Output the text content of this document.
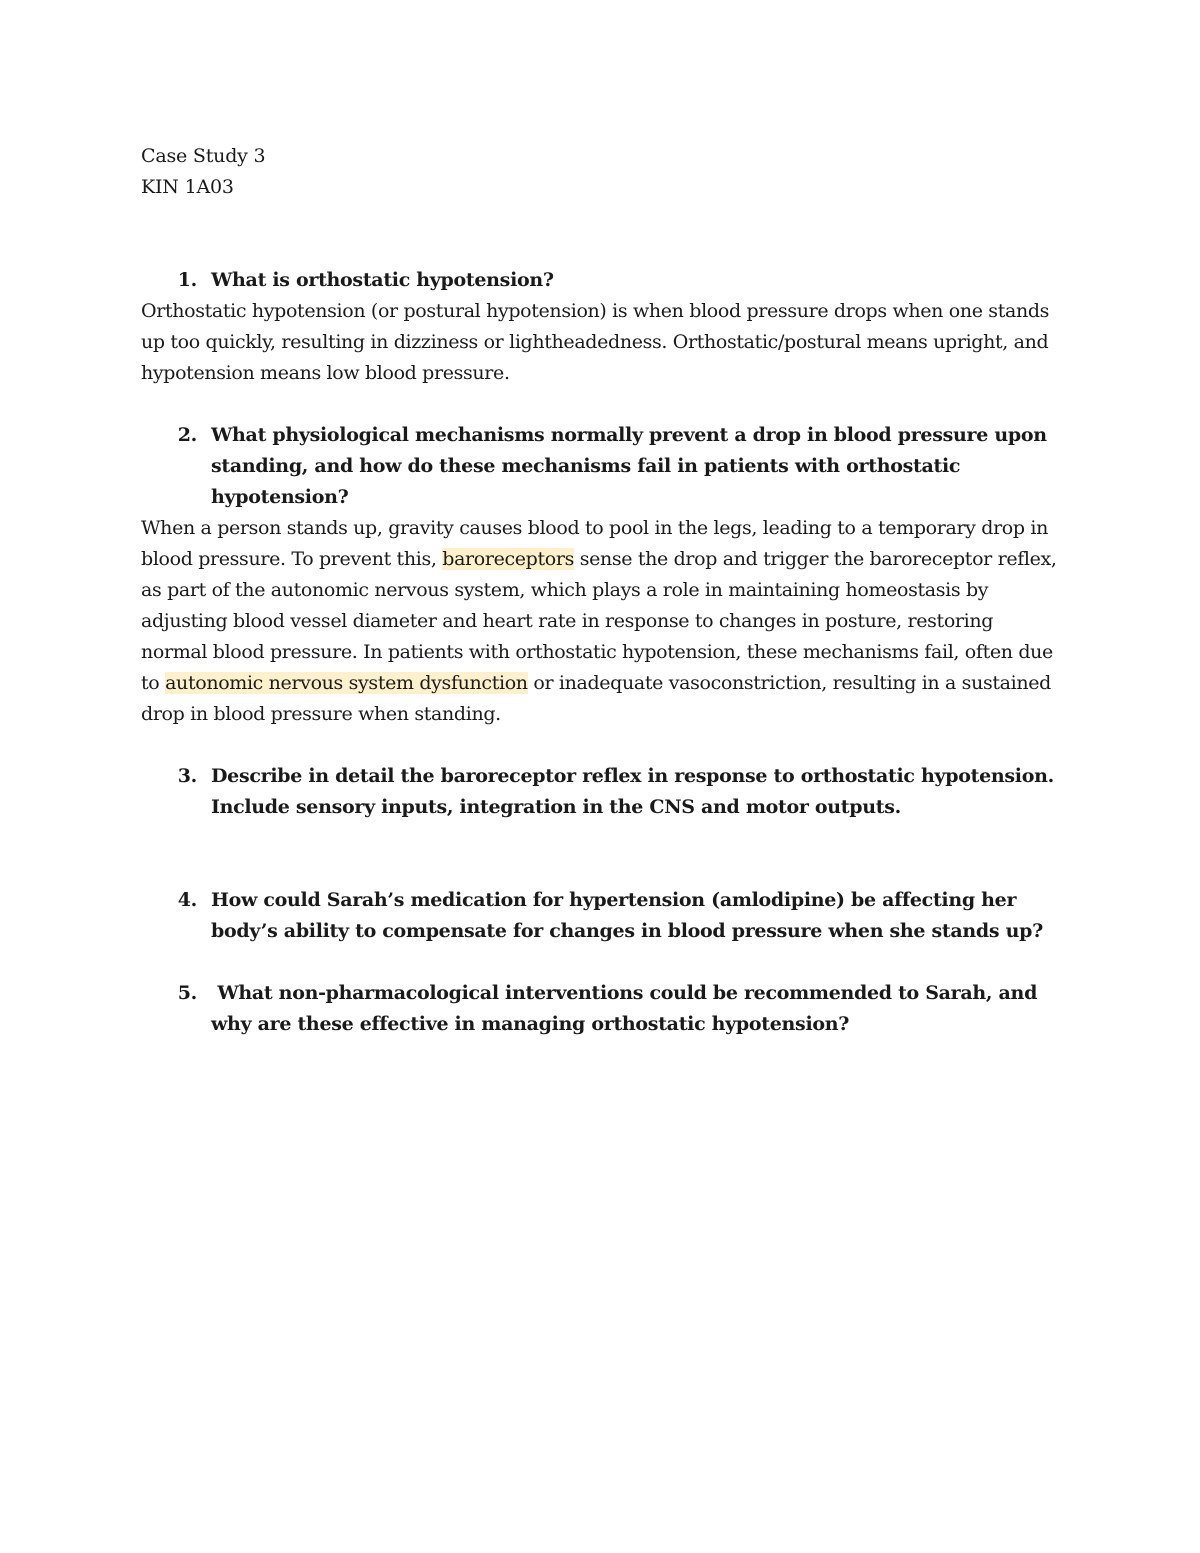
Case Study 3

KIN 1A03

1. What is orthostatic hypotension?

Orthostatic hypotension (or postural hypotension) is when blood pressure drops when one stands up too quickly, resulting in dizziness or lightheadedness. Orthostatic/postural means upright, and hypotension means low blood pressure.

2. What physiological mechanisms normally prevent a drop in blood pressure upon standing, and how do these mechanisms fail in patients with orthostatic hypotension?

When a person stands up, gravity causes blood to pool in the legs, leading to a temporary drop in blood pressure. To prevent this, baroreceptors sense the drop and trigger the baroreceptor reflex, as part of the autonomic nervous system, which plays a role in maintaining homeostasis by adjusting blood vessel diameter and heart rate in response to changes in posture, restoring normal blood pressure. In patients with orthostatic hypotension, these mechanisms fail, often due to autonomic nervous system dysfunction or inadequate vasoconstriction, resulting in a sustained drop in blood pressure when standing.

3. Describe in detail the baroreceptor reflex in response to orthostatic hypotension. Include sensory inputs, integration in the CNS and motor outputs.
4. How could Sarah’s medication for hypertension (amlodipine) be affecting her body’s ability to compensate for changes in blood pressure when she stands up?
5. What non-pharmacological interventions could be recommended to Sarah, and why are these effective in managing orthostatic hypotension?
